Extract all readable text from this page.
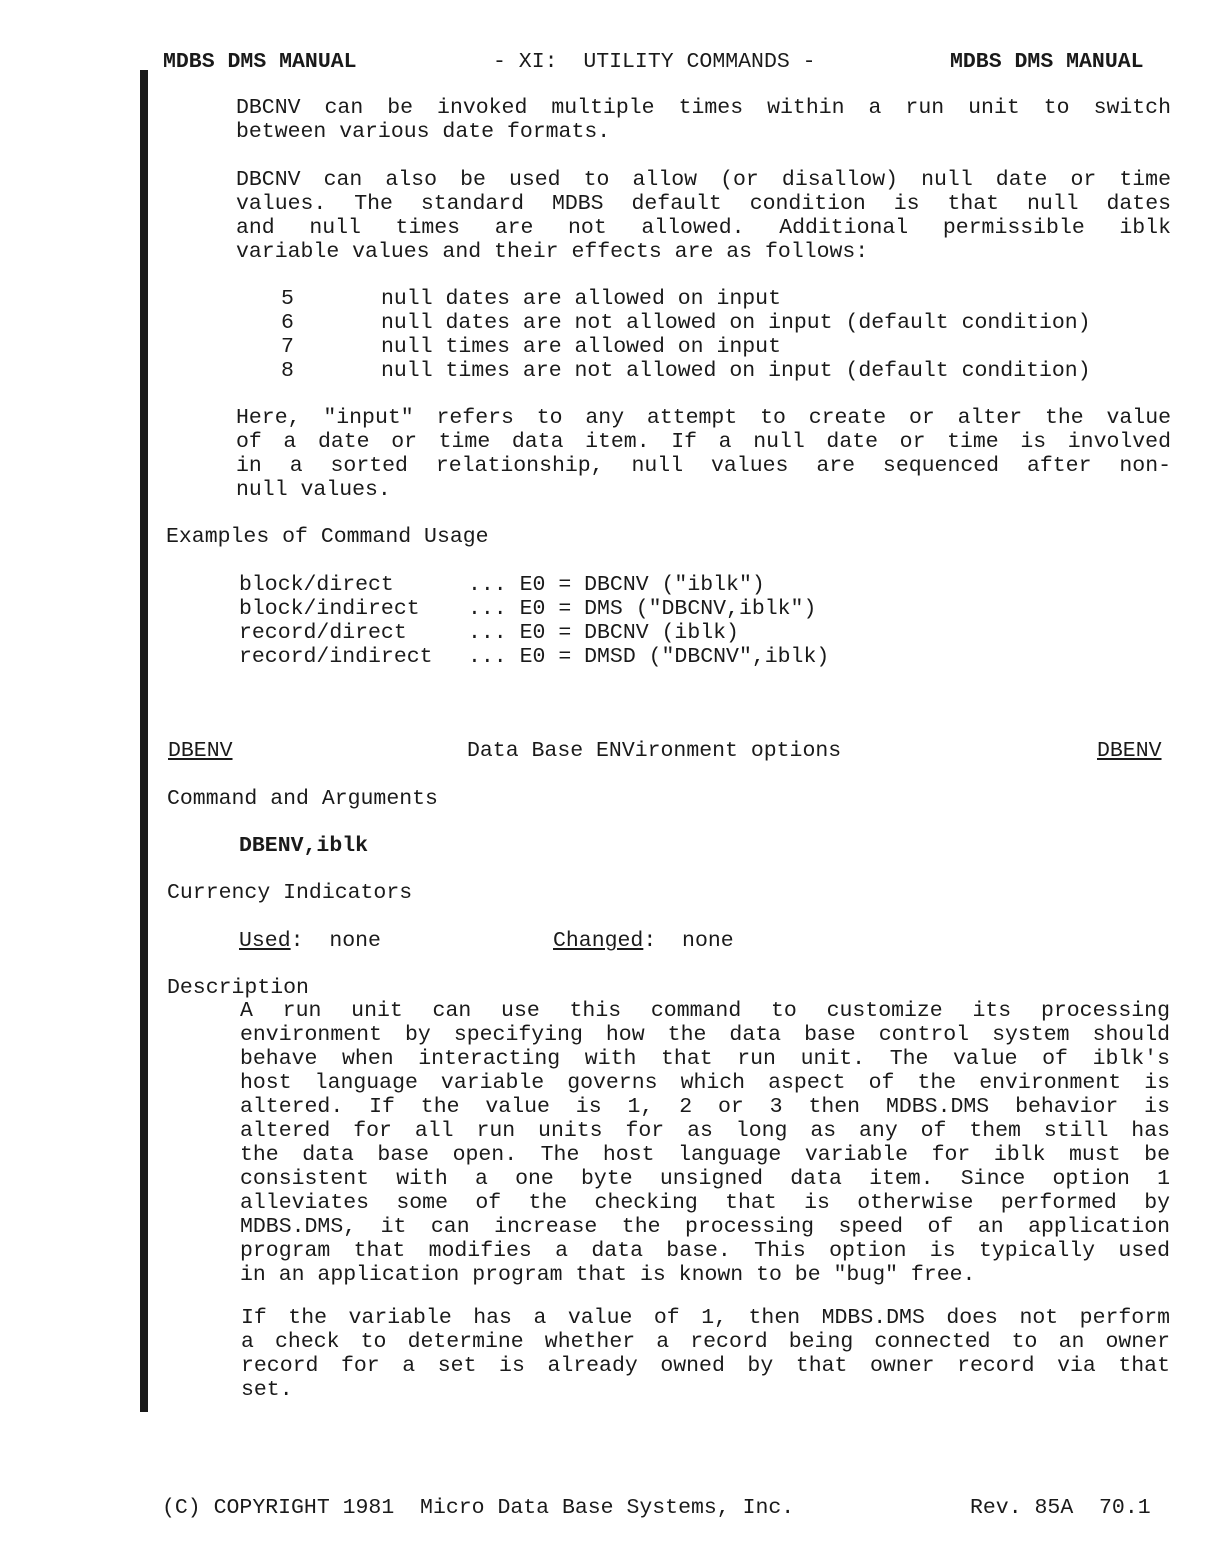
MDBS DMS MANUAL	- XI:  UTILITY COMMANDS -	MDBS DMS MANUAL
DBCNV can be invoked multiple times within a run unit to switch
between various date formats.
DBCNV can also be used to allow (or disallow) null date or time
values. The standard MDBS default condition is that null dates
and null times are not allowed. Additional permissible iblk
variable values and their effects are as follows:
5	null dates are allowed on input
6	null dates are not allowed on input (default condition)
7	null times are allowed on input
8	null times are not allowed on input (default condition)
Here, "input" refers to any attempt to create or alter the value
of a date or time data item. If a null date or time is involved
in a sorted relationship, null values are sequenced after non-
null values.
Examples of Command Usage
block/direct	... E0 = DBCNV ("iblk")
block/indirect ... E0 = DMS ("DBCNV,iblk")
record/direct	... E0 = DBCNV (iblk)
record/indirect ... E0 = DMSD ("DBCNV",iblk)
DBENV	Data Base ENVironment options	DBENV
Command and Arguments
DBENV,iblk
Currency Indicators
Used:  none	Changed:  none
Description
A run unit can use this command to customize its processing
environment by specifying how the data base control system should
behave when interacting with that run unit. The value of iblk's
host language variable governs which aspect of the environment is
altered. If the value is 1, 2 or 3 then MDBS.DMS behavior is
altered for all run units for as long as any of them still has
the data base open. The host language variable for iblk must be
consistent with a one byte unsigned data item. Since option 1
alleviates some of the checking that is otherwise performed by
MDBS.DMS, it can increase the processing speed of an application
program that modifies a data base. This option is typically used
in an application program that is known to be "bug" free.
If the variable has a value of 1, then MDBS.DMS does not perform
a check to determine whether a record being connected to an owner
record for a set is already owned by that owner record via that
set.
(C) COPYRIGHT 1981  Micro Data Base Systems, Inc.	Rev. 85A  70.1
